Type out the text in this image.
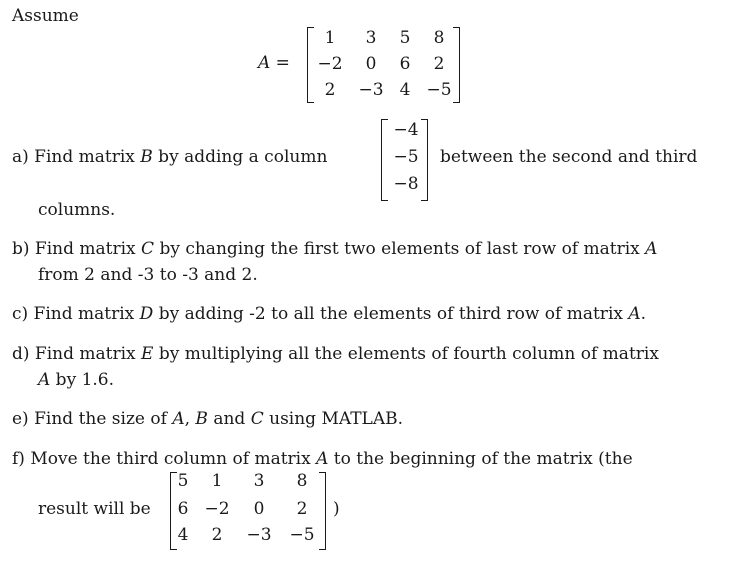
Assume
A =
1	3	5	8
−2	0	6	2
2	−3 4 −5
a) Find matrix B by adding a column
−4
−5
−8
between the second and third
columns.
b) Find matrix C by changing the first two elements of last row of matrix A
from 2 and -3 to -3 and 2.
c) Find matrix D by adding -2 to all the elements of third row of matrix A.
d) Find matrix E by multiplying all the elements of fourth column of matrix
A by 1.6.
e) Find the size of A, B and C using MATLAB.
f) Move the third column of matrix A to the beginning of the matrix (the
result will be
5	1	3	8
6 −2	0	2
4	2	−3 −5
)
